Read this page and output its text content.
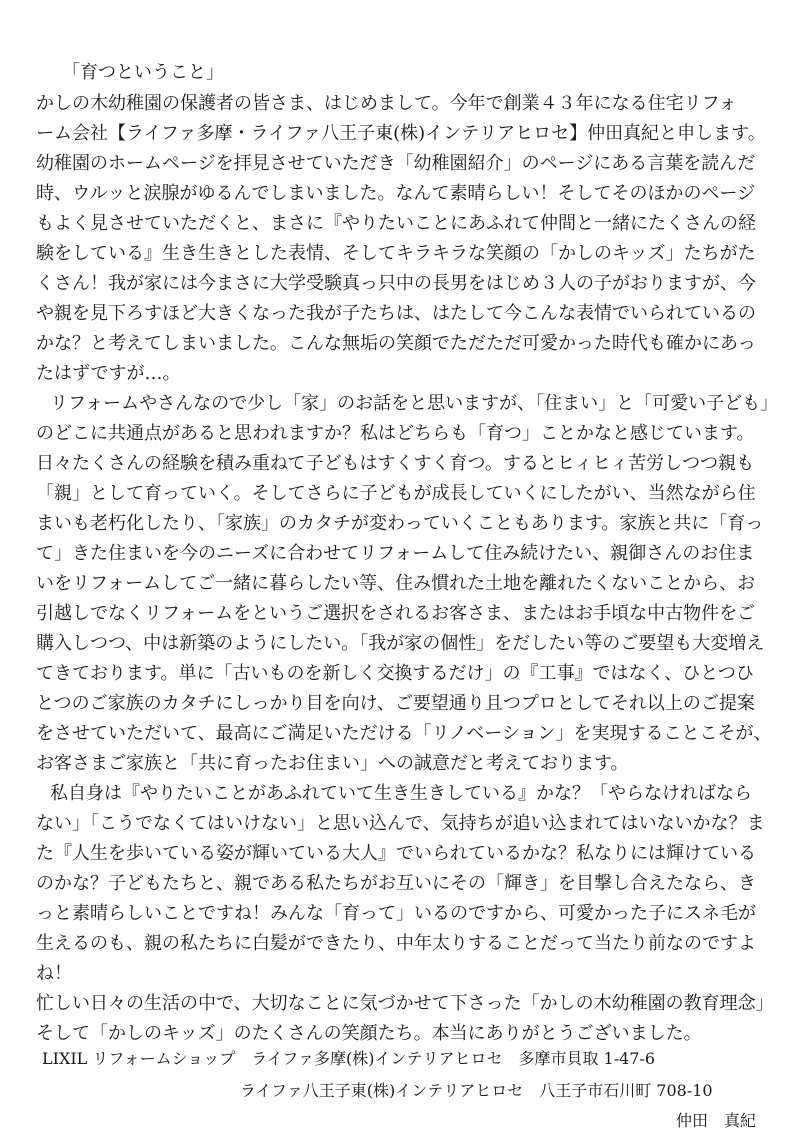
「育つということ」

かしの木幼稚園の保護者の皆さま、はじめまして。今年で創業４３年になる住宅リフォ

ーム会社【ライファ多摩・ライファ八王子東(株)インテリアヒロセ】仲田真紀と申します。

幼稚園のホームページを拝見させていただき「幼稚園紹介」のページにある言葉を読んだ

時、ウルッと涙腺がゆるんでしまいました。なんて素晴らしい！そしてそのほかのページ

もよく見させていただくと、まさに『やりたいことにあふれて仲間と一緒にたくさんの経

験をしている』生き生きとした表情、そしてキラキラな笑顔の「かしのキッズ」たちがた

くさん！我が家には今まさに大学受験真っ只中の長男をはじめ３人の子がおりますが、今

や親を見下ろすほど大きくなった我が子たちは、はたして今こんな表情でいられているの

かな？と考えてしまいました。こんな無垢の笑顔でただただ可愛かった時代も確かにあっ

たはずですが…。

リフォームやさんなので少し「家」のお話をと思いますが、「住まい」と「可愛い子ども」

のどこに共通点があると思われますか？私はどちらも「育つ」ことかなと感じています。

日々たくさんの経験を積み重ねて子どもはすくすく育つ。するとヒィヒィ苦労しつつ親も

「親」として育っていく。そしてさらに子どもが成長していくにしたがい、当然ながら住

まいも老朽化したり、「家族」のカタチが変わっていくこともあります。家族と共に「育っ

て」きた住まいを今のニーズに合わせてリフォームして住み続けたい、親御さんのお住ま

いをリフォームしてご一緒に暮らしたい等、住み慣れた土地を離れたくないことから、お

引越しでなくリフォームをというご選択をされるお客さま、またはお手頃な中古物件をご

購入しつつ、中は新築のようにしたい。「我が家の個性」をだしたい等のご要望も大変増え

てきております。単に「古いものを新しく交換するだけ」の『工事』ではなく、ひとつひ

とつのご家族のカタチにしっかり目を向け、ご要望通り且つプロとしてそれ以上のご提案

をさせていただいて、最高にご満足いただける「リノベーション」を実現することこそが、

お客さまご家族と「共に育ったお住まい」への誠意だと考えております。

私自身は『やりたいことがあふれていて生き生きしている』かな？「やらなければなら

ない」「こうでなくてはいけない」と思い込んで、気持ちが追い込まれてはいないかな？ま

た『人生を歩いている姿が輝いている大人』でいられているかな？私なりには輝けている

のかな？子どもたちと、親である私たちがお互いにその「輝き」を目撃し合えたなら、き

っと素晴らしいことですね！みんな「育って」いるのですから、可愛かった子にスネ毛が

生えるのも、親の私たちに白髪ができたり、中年太りすることだって当たり前なのですよ

ね！

忙しい日々の生活の中で、大切なことに気づかせて下さった「かしの木幼稚園の教育理念」

そして「かしのキッズ」のたくさんの笑顔たち。本当にありがとうございました。

LIXIL リフォームショップ　ライファ多摩(株)インテリアヒロセ　多摩市貝取 1-47-6

ライファ八王子東(株)インテリアヒロセ　八王子市石川町 708-10

仲田　真紀
